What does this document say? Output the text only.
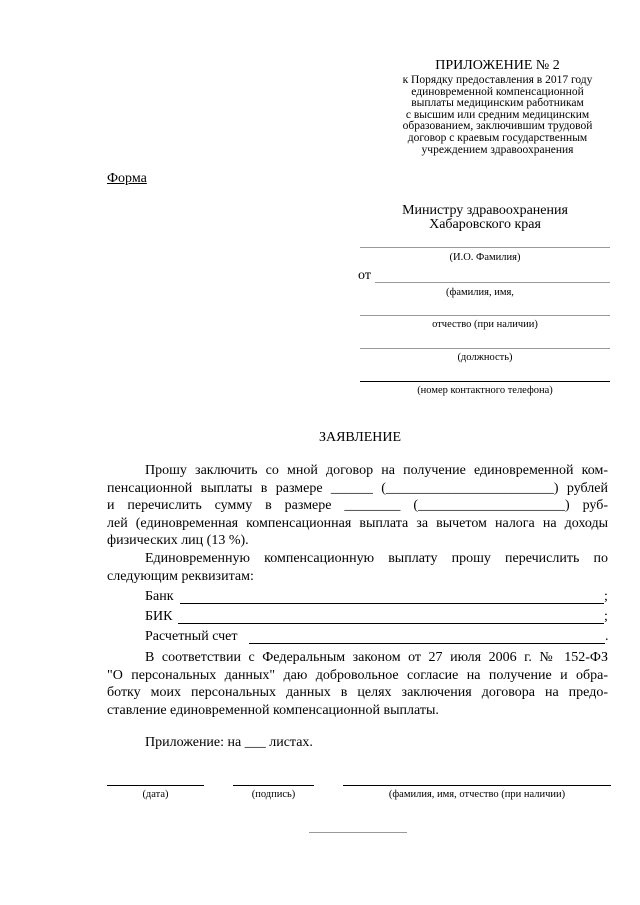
ПРИЛОЖЕНИЕ № 2
к Порядку предоставления в 2017 году
единовременной компенсационной
выплаты медицинским работникам
с высшим или средним медицинским
образованием, заключившим трудовой
договор с краевым государственным
учреждением здравоохранения
Форма
Министру здравоохранения
Хабаровского края
(И.О. Фамилия)
от
(фамилия, имя,
отчество (при наличии)
(должность)
(номер контактного телефона)
ЗАЯВЛЕНИЕ
Прошу заключить со мной договор на получение единовременной ком-
пенсационной выплаты в размере ______ (________________________) рублей
и перечислить сумму в размере ________ (_____________________) руб-
лей (единовременная компенсационная выплата за вычетом налога на доходы
физических лиц (13 %).
Единовременную компенсационную выплату прошу перечислить по
следующим реквизитам:
Банк	;
БИК	;
Расчетный счет	.
В соответствии с Федеральным законом от 27 июля 2006 г. № 152-ФЗ
"О персональных данных" даю добровольное согласие на получение и обра-
ботку моих персональных данных в целях заключения договора на предо-
ставление единовременной компенсационной выплаты.
Приложение: на ___ листах.
(дата)	(подпись)	(фамилия, имя, отчество (при наличии)
